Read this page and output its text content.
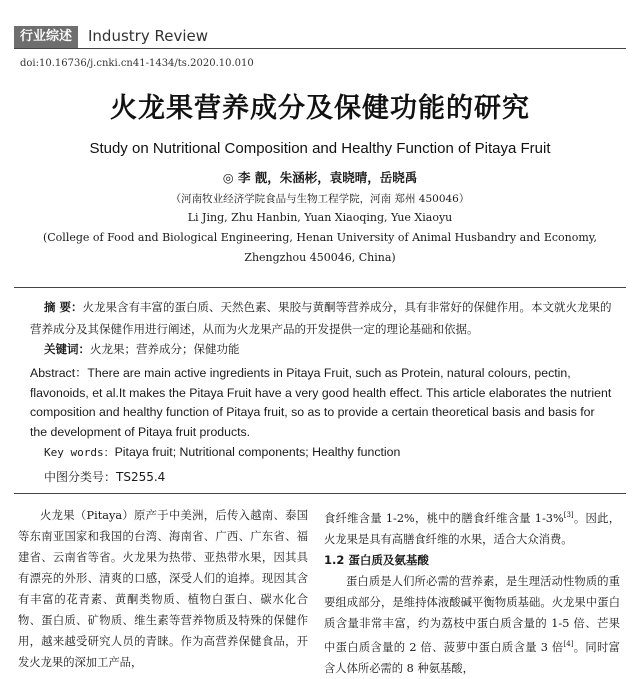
行业综述	Industry Review
doi:10.16736/j.cnki.cn41-1434/ts.2020.10.010
火龙果营养成分及保健功能的研究
Study on Nutritional Composition and Healthy Function of Pitaya Fruit
◎ 李 靓，朱涵彬，袁晓晴，岳晓禹
（河南牧业经济学院食品与生物工程学院，河南 郑州 450046）
Li Jing, Zhu Hanbin, Yuan Xiaoqing, Yue Xiaoyu
(College of Food and Biological Engineering, Henan University of Animal Husbandry and Economy,
Zhengzhou 450046, China)
摘 要：火龙果含有丰富的蛋白质、天然色素、果胶与黄酮等营养成分，具有非常好的保健作用。本文就火龙果的营养成分及其保健作用进行阐述，从而为火龙果产品的开发提供一定的理论基础和依据。
关键词：火龙果；营养成分；保健功能
Abstract：There are main active ingredients in Pitaya Fruit, such as Protein, natural colours, pectin, flavonoids, et al.It makes the Pitaya Fruit have a very good health effect. This article elaborates the nutrient composition and healthy function of Pitaya fruit, so as to provide a certain theoretical basis and basis for the development of Pitaya fruit products.
Key words：Pitaya fruit; Nutritional components; Healthy function
中图分类号：TS255.4
火龙果（Pitaya）原产于中美洲，后传入越南、泰国等东南亚国家和我国的台湾、海南省、广西、广东省、福建省、云南省等省。火龙果为热带、亚热带水果，因其具有漂亮的外形、清爽的口感，深受人们的追捧。现因其含有丰富的花青素、黄酮类物质、植物白蛋白、碳水化合物、蛋白质、矿物质、维生素等营养物质及特殊的保健作用，越来越受研究人员的青睐。作为高营养保健食品，开发火龙果的深加工产品，

食纤维含量 1-2%，桃中的膳食纤维含量 1-3%[3]。因此，火龙果是具有高膳食纤维的水果，适合大众消费。

1.2 蛋白质及氨基酸

蛋白质是人们所必需的营养素，是生理活动性物质的重要组成部分，是维持体液酸碱平衡物质基础。火龙果中蛋白质含量非常丰富，约为荔枝中蛋白质含量的 1-5 倍、芒果中蛋白质含量的 2 倍、菠萝中蛋白质含量 3 倍[4]。同时富含人体所必需的 8 种氨基酸，
